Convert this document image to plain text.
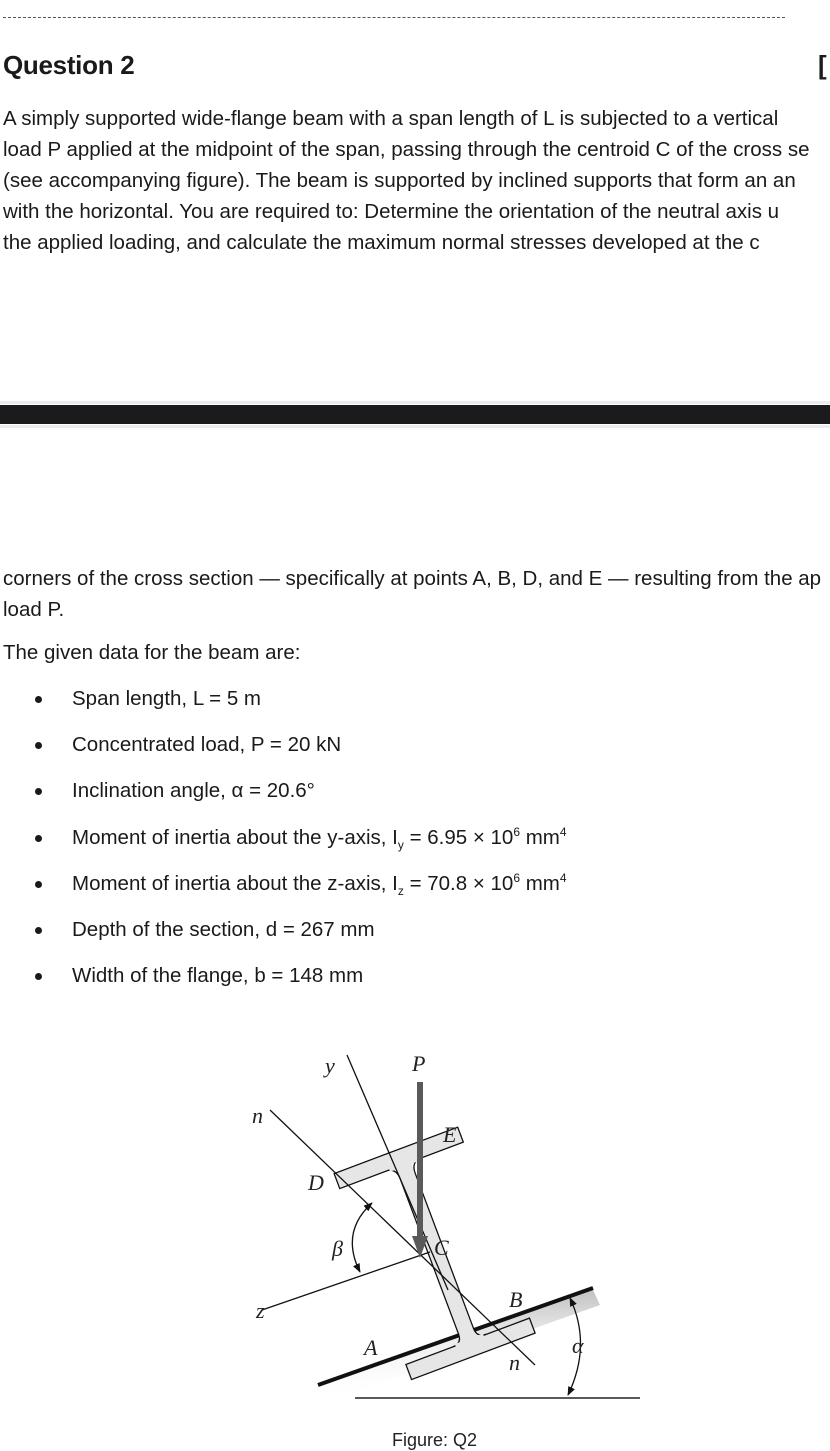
Question 2	[
A simply supported wide-flange beam with a span length of L is subjected to a vertical
load P applied at the midpoint of the span, passing through the centroid C of the cross se
(see accompanying figure). The beam is supported by inclined supports that form an an
with the horizontal. You are required to: Determine the orientation of the neutral axis u
the applied loading, and calculate the maximum normal stresses developed at the c
corners of the cross section — specifically at points A, B, D, and E — resulting from the ap
load P.
The given data for the beam are:
Span length, L = 5 m
Concentrated load, P = 20 kN
Inclination angle, α = 20.6°
Moment of inertia about the y-axis, $I_y = 6.95 \times 10^6$ $mm^4$
Moment of inertia about the z-axis, $I_z = 70.8 \times 10^6$ $mm^4$
Depth of the section, d = 267 mm
Width of the flange, b = 148 mm
y	P
n
E
D
β	C
z	B
A	α
n
Figure: Q2
